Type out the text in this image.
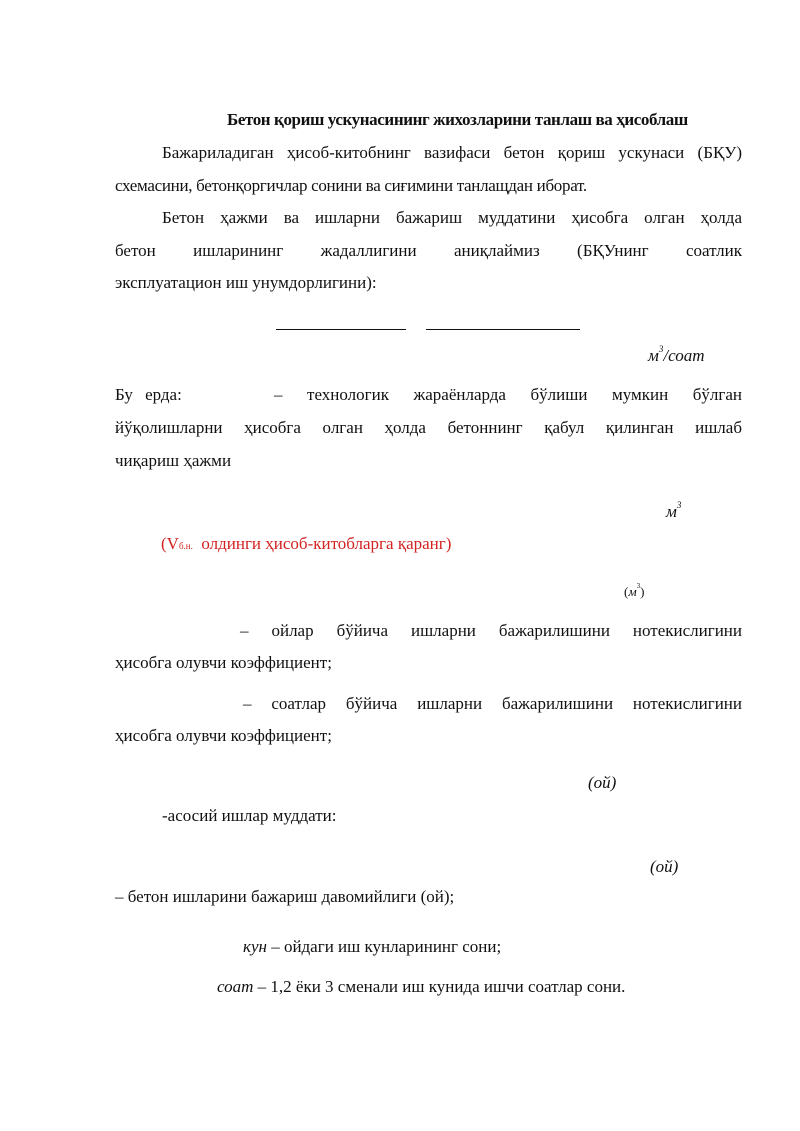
Бетон қориш ускунасининг жихозларини танлаш ва ҳисоблаш
Бажариладиган ҳисоб-китобнинг вазифаси бетон қориш ускунаси (БҚУ)
схемасини, бетонқоргичлар сонини ва сиғимини танлащдан иборат.
Бетон ҳажми ва ишларни бажариш муддатини ҳисобга олган ҳолда
бетон ишларининг жадаллигини аниқлаймиз (БҚУнинг соатлик
эксплуатацион иш унумдорлигини):
$м^3$/соат
Бу ерда:	– технологик жараёнларда бўлиши мумкин бўлган
йўқолишларни ҳисобга олган ҳолда бетоннинг қабул қилинган ишлаб
чиқариш ҳажми
$м^3$
(Vб.н. олдинги ҳисоб-китобларга қаранг)
$(м^3)$
– ойлар бўйича ишларни бажарилишини нотекислигини
ҳисобга олувчи коэффициент;
– соатлар бўйича ишларни бажарилишини нотекислигини
ҳисобга олувчи коэффициент;
(ой)
-асосий ишлар муддати:
(ой)
– бетон ишларини бажариш давомийлиги (ой);
кун – ойдаги иш кунларининг сони;
соат – 1,2 ёки 3 сменали иш кунида ишчи соатлар сони.
